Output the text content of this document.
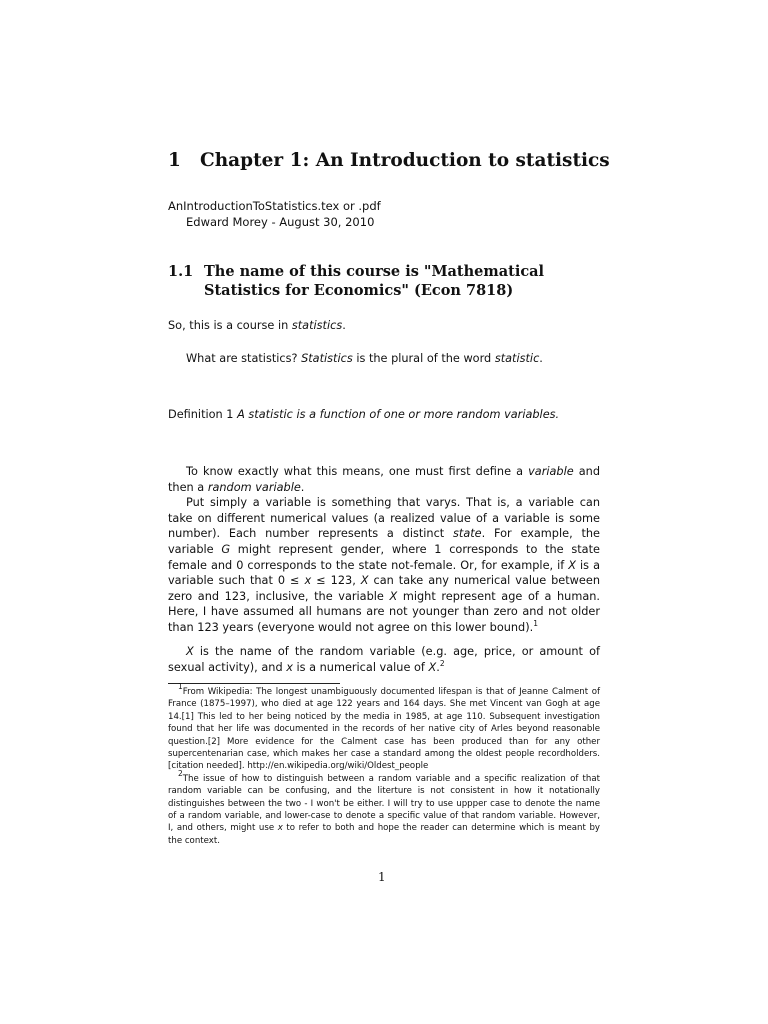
1 Chapter 1: An Introduction to statistics
AnIntroductionToStatistics.tex or .pdf
Edward Morey - August 30, 2010
1.1 The name of this course is "Mathematical Statistics for Economics" (Econ 7818)
So, this is a course in statistics.
What are statistics? Statistics is the plural of the word statistic.
Definition 1 A statistic is a function of one or more random variables.

To know exactly what this means, one must first define a variable and then a random variable.

Put simply a variable is something that varys. That is, a variable can take on different numerical values (a realized value of a variable is some number). Each number represents a distinct state. For example, the variable G might represent gender, where 1 corresponds to the state female and 0 corresponds to the state not-female. Or, for example, if X is a variable such that 0 ≤ x ≤ 123, X can take any numerical value between zero and 123, inclusive, the variable X might represent age of a human. Here, I have assumed all humans are not younger than zero and not older than 123 years (everyone would not agree on this lower bound).$^1$

X is the name of the random variable (e.g. age, price, or amount of sexual activity), and x is a numerical value of X.$^2$

$^1$From Wikipedia: The longest unambiguously documented lifespan is that of Jeanne Calment of France (1875–1997), who died at age 122 years and 164 days. She met Vincent van Gogh at age 14.[1] This led to her being noticed by the media in 1985, at age 110. Subsequent investigation found that her life was documented in the records of her native city of Arles beyond reasonable question.[2] More evidence for the Calment case has been produced than for any other supercentenarian case, which makes her case a standard among the oldest people recordholders.[citation needed]. http://en.wikipedia.org/wiki/Oldest_people

$^2$The issue of how to distinguish between a random variable and a specific realization of that random variable can be confusing, and the literture is not consistent in how it notationally distinguishes between the two - I won't be either. I will try to use uppper case to denote the name of a random variable, and lower-case to denote a specific value of that random variable. However, I, and others, might use x to refer to both and hope the reader can determine which is meant by the context.

1
